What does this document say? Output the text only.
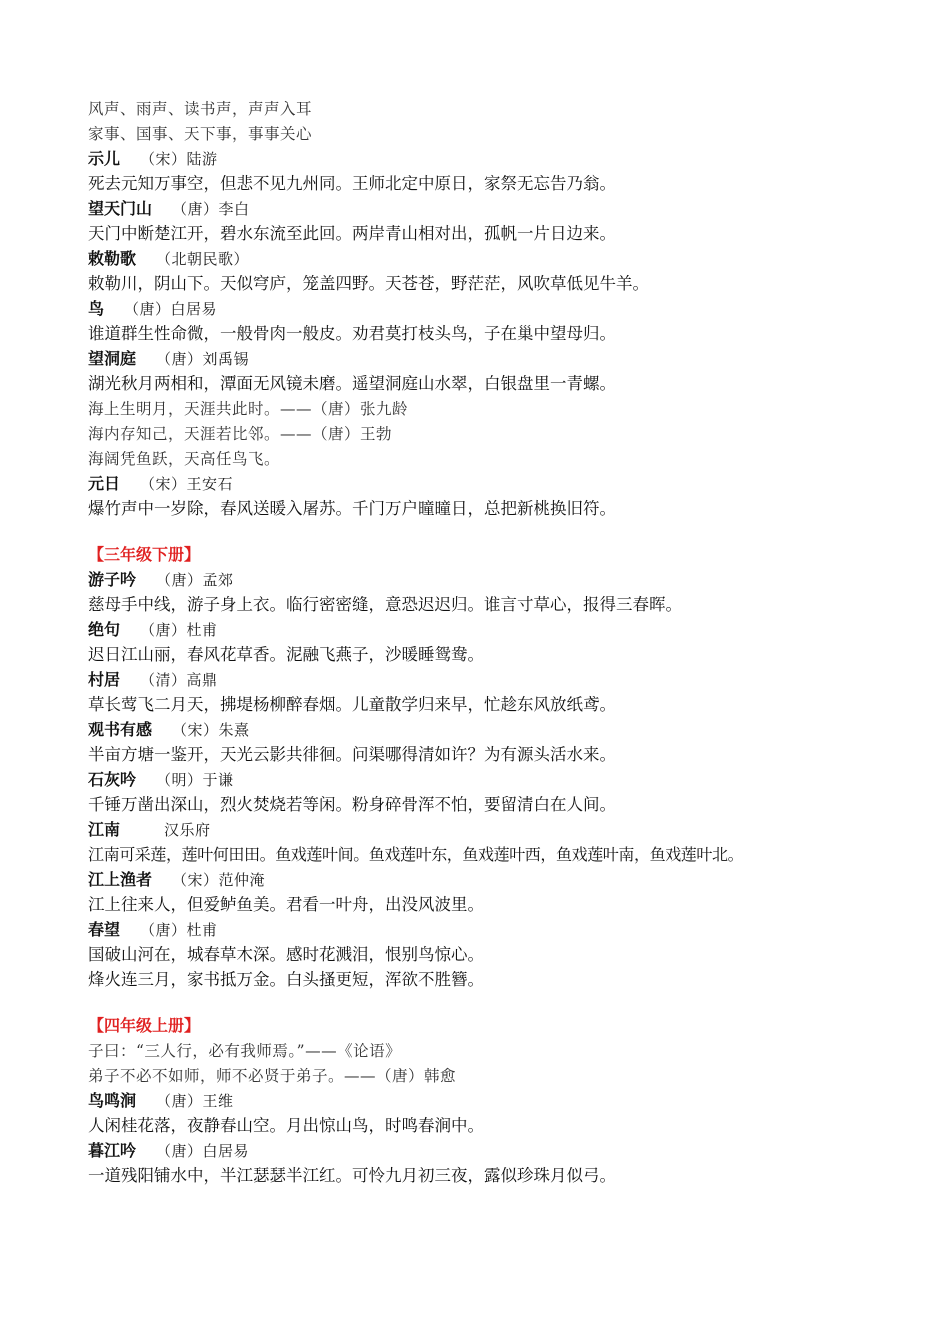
风声、雨声、读书声，声声入耳
家事、国事、天下事，事事关心
示儿 （宋）陆游
死去元知万事空，但悲不见九州同。王师北定中原日，家祭无忘告乃翁。
望天门山 （唐）李白
天门中断楚江开，碧水东流至此回。两岸青山相对出，孤帆一片日边来。
敕勒歌 （北朝民歌）
敕勒川，阴山下。天似穹庐，笼盖四野。天苍苍，野茫茫，风吹草低见牛羊。
鸟 （唐）白居易
谁道群生性命微，一般骨肉一般皮。劝君莫打枝头鸟，子在巢中望母归。
望洞庭 （唐）刘禹锡
湖光秋月两相和，潭面无风镜未磨。遥望洞庭山水翠，白银盘里一青螺。
海上生明月，天涯共此时。——（唐）张九龄
海内存知己，天涯若比邻。——（唐）王勃
海阔凭鱼跃，天高任鸟飞。
元日 （宋）王安石
爆竹声中一岁除，春风送暖入屠苏。千门万户曈曈日，总把新桃换旧符。
【三年级下册】
游子吟 （唐）孟郊
慈母手中线，游子身上衣。临行密密缝，意恐迟迟归。谁言寸草心，报得三春晖。
绝句 （唐）杜甫
迟日江山丽，春风花草香。泥融飞燕子，沙暖睡鸳鸯。
村居 （清）高鼎
草长莺飞二月天，拂堤杨柳醉春烟。儿童散学归来早，忙趁东风放纸鸢。
观书有感 （宋）朱熹
半亩方塘一鉴开，天光云影共徘徊。问渠哪得清如许？为有源头活水来。
石灰吟 （明）于谦
千锤万凿出深山，烈火焚烧若等闲。粉身碎骨浑不怕，要留清白在人间。
江南	汉乐府
江南可采莲，莲叶何田田。鱼戏莲叶间。鱼戏莲叶东，鱼戏莲叶西，鱼戏莲叶南，鱼戏莲叶北。
江上渔者 （宋）范仲淹
江上往来人，但爱鲈鱼美。君看一叶舟，出没风波里。
春望 （唐）杜甫
国破山河在，城春草木深。感时花溅泪，恨别鸟惊心。
烽火连三月，家书抵万金。白头搔更短，浑欲不胜簪。
【四年级上册】
子曰：“三人行，必有我师焉。”——《论语》
弟子不必不如师，师不必贤于弟子。——（唐）韩愈
鸟鸣涧 （唐）王维
人闲桂花落，夜静春山空。月出惊山鸟，时鸣春涧中。
暮江吟 （唐）白居易
一道残阳铺水中，半江瑟瑟半江红。可怜九月初三夜，露似珍珠月似弓。
